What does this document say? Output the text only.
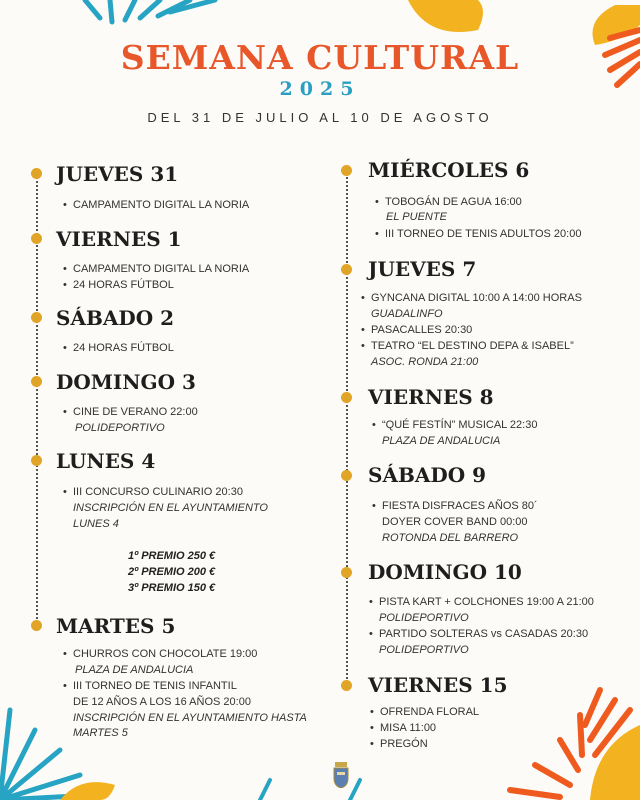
SEMANA CULTURAL
2025
DEL 31 DE JULIO AL 10 DE AGOSTO
JUEVES 31
• CAMPAMENTO DIGITAL LA NORIA
VIERNES 1
• CAMPAMENTO DIGITAL LA NORIA
• 24 HORAS FÚTBOL
SÁBADO 2
• 24 HORAS FÚTBOL
DOMINGO 3
• CINE DE VERANO 22:00
POLIDEPORTIVO
LUNES 4
• III CONCURSO CULINARIO 20:30
INSCRIPCIÓN EN EL AYUNTAMIENTO
LUNES 4
1º PREMIO 250 €
2º PREMIO 200 €
3º PREMIO 150 €
MARTES 5
• CHURROS CON CHOCOLATE 19:00
PLAZA DE ANDALUCIA
• III TORNEO DE TENIS INFANTIL
DE 12 AÑOS A LOS 16 AÑOS 20:00
INSCRIPCIÓN EN EL AYUNTAMIENTO HASTA
MARTES 5
MIÉRCOLES 6
• TOBOGÁN DE AGUA 16:00
EL PUENTE
• III TORNEO DE TENIS ADULTOS 20:00
JUEVES 7
• GYNCANA DIGITAL 10:00 A 14:00 HORAS
GUADALINFO
• PASACALLES 20:30
• TEATRO “EL DESTINO DEPA & ISABEL”
ASOC. RONDA 21:00
VIERNES 8
• “QUÉ FESTÍN” MUSICAL 22:30
PLAZA DE ANDALUCIA
SÁBADO 9
• FIESTA DISFRACES AÑOS 80´
DOYER COVER BAND 00:00
ROTONDA DEL BARRERO
DOMINGO 10
• PISTA KART + COLCHONES 19:00 A 21:00
POLIDEPORTIVO
• PARTIDO SOLTERAS vs CASADAS 20:30
POLIDEPORTIVO
VIERNES 15
• OFRENDA FLORAL
• MISA 11:00
• PREGÓN
